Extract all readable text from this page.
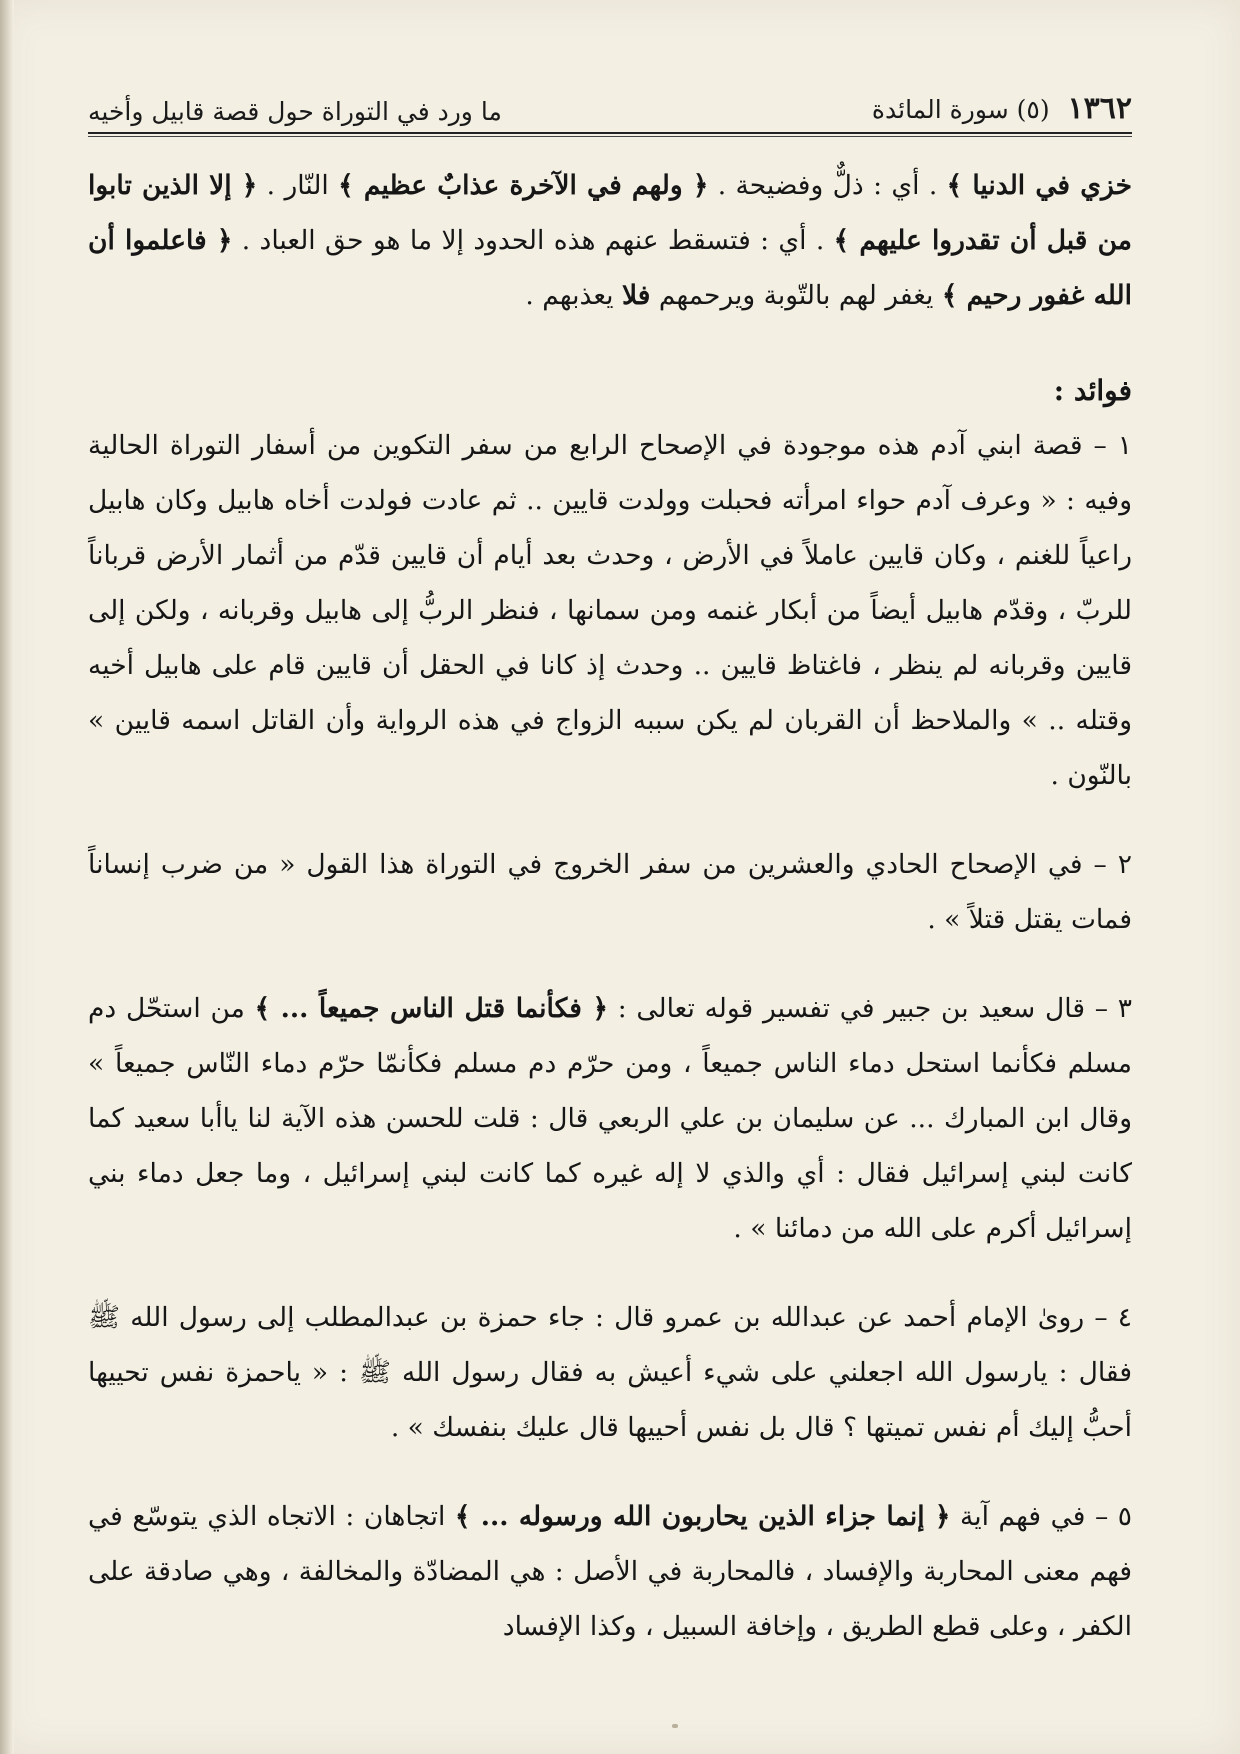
١٣٦٢ (٥) سورة المائدة
ما ورد في التوراة حول قصة قابيل وأخيه

خزي في الدنيا ﴾ . أي : ذلٌّ وفضيحة . ﴿ ولهم في الآخرة عذابٌ عظيم ﴾ النّار . ﴿ إلا الذين تابوا من قبل أن تقدروا عليهم ﴾ . أي : فتسقط عنهم هذه الحدود إلا ما هو حق العباد . ﴿ فاعلموا أن الله غفور رحيم ﴾ يغفر لهم بالتّوبة ويرحمهم فلا يعذبهم .

فوائد :

١ – قصة ابني آدم هذه موجودة في الإصحاح الرابع من سفر التكوين من أسفار التوراة الحالية وفيه : « وعرف آدم حواء امرأته فحبلت وولدت قايين .. ثم عادت فولدت أخاه هابيل وكان هابيل راعياً للغنم ، وكان قايين عاملاً في الأرض ، وحدث بعد أيام أن قايين قدّم من أثمار الأرض قرباناً للربّ ، وقدّم هابيل أيضاً من أبكار غنمه ومن سمانها ، فنظر الربُّ إلى هابيل وقربانه ، ولكن إلى قايين وقربانه لم ينظر ، فاغتاظ قايين .. وحدث إذ كانا في الحقل أن قايين قام على هابيل أخيه وقتله .. » والملاحظ أن القربان لم يكن سببه الزواج في هذه الرواية وأن القاتل اسمه قايين » بالنّون .

٢ – في الإصحاح الحادي والعشرين من سفر الخروج في التوراة هذا القول « من ضرب إنساناً فمات يقتل قتلاً » .

٣ – قال سعيد بن جبير في تفسير قوله تعالى : ﴿ فكأنما قتل الناس جميعاً ... ﴾ من استحّل دم مسلم فكأنما استحل دماء الناس جميعاً ، ومن حرّم دم مسلم فكأنمّا حرّم دماء النّاس جميعاً » وقال ابن المبارك ... عن سليمان بن علي الربعي قال : قلت للحسن هذه الآية لنا ياأبا سعيد كما كانت لبني إسرائيل فقال : أي والذي لا إله غيره كما كانت لبني إسرائيل ، وما جعل دماء بني إسرائيل أكرم على الله من دمائنا » .

٤ – روىٰ الإمام أحمد عن عبدالله بن عمرو قال : جاء حمزة بن عبدالمطلب إلى رسول الله ﷺ فقال : يارسول الله اجعلني على شيء أعيش به فقال رسول الله ﷺ : « ياحمزة نفس تحييها أحبُّ إليك أم نفس تميتها ؟ قال بل نفس أحييها قال عليك بنفسك » .

٥ – في فهم آية ﴿ إنما جزاء الذين يحاربون الله ورسوله ... ﴾ اتجاهان : الاتجاه الذي يتوسّع في فهم معنى المحاربة والإفساد ، فالمحاربة في الأصل : هي المضادّة والمخالفة ، وهي صادقة على الكفر ، وعلى قطع الطريق ، وإخافة السبيل ، وكذا الإفساد
